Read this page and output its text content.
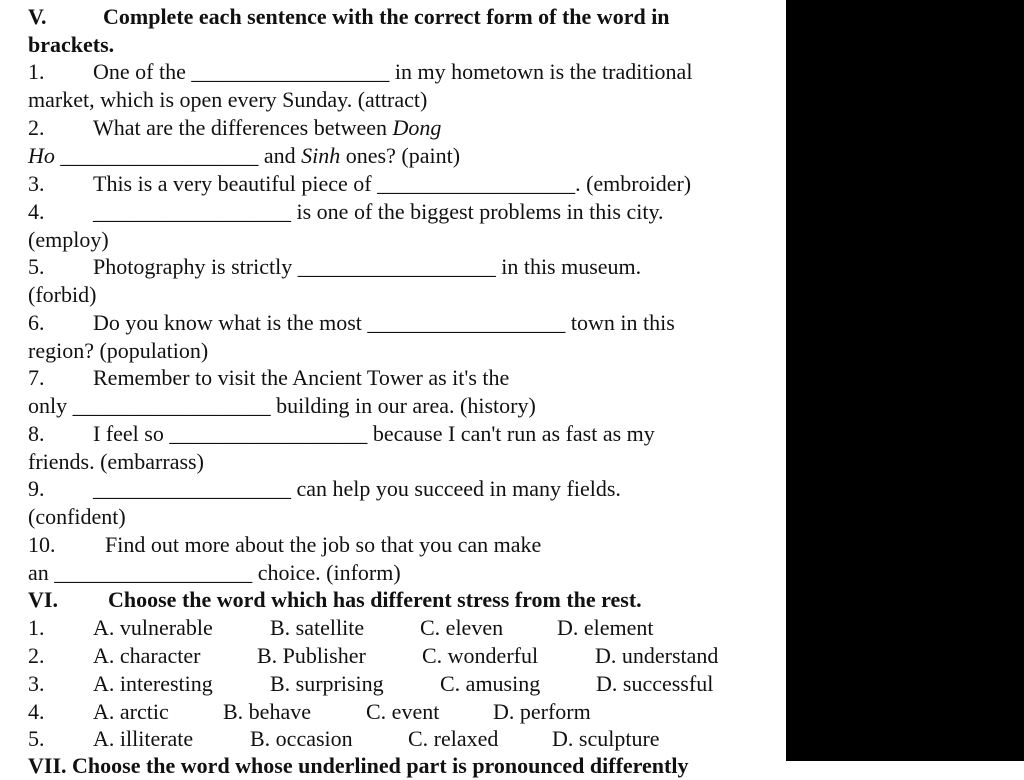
V.	Complete each sentence with the correct form of the word in
brackets.
1. One of the __________________ in my hometown is the traditional
market, which is open every Sunday. (attract)
2. What are the differences between Dong
Ho __________________ and Sinh ones? (paint)
3. This is a very beautiful piece of __________________. (embroider)
4. __________________ is one of the biggest problems in this city.
(employ)
5. Photography is strictly __________________ in this museum.
(forbid)
6. Do you know what is the most __________________ town in this
region? (population)
7. Remember to visit the Ancient Tower as it's the
only __________________ building in our area. (history)
8. I feel so __________________ because I can't run as fast as my
friends. (embarrass)
9. __________________ can help you succeed in many fields.
(confident)
10. Find out more about the job so that you can make
an __________________ choice. (inform)
VI. Choose the word which has different stress from the rest.
1. A. vulnerable	B. satellite	C. eleven D. element
2. A. character	B. Publisher	C. wonderful	D. understand
3. A. interesting	B. surprising	C. amusing	D. successful
4. A. arctic B. behave	C. event D. perform
5. A. illiterate	B. occasion	C. relaxed D. sculpture
VII. Choose the word whose underlined part is pronounced differently
